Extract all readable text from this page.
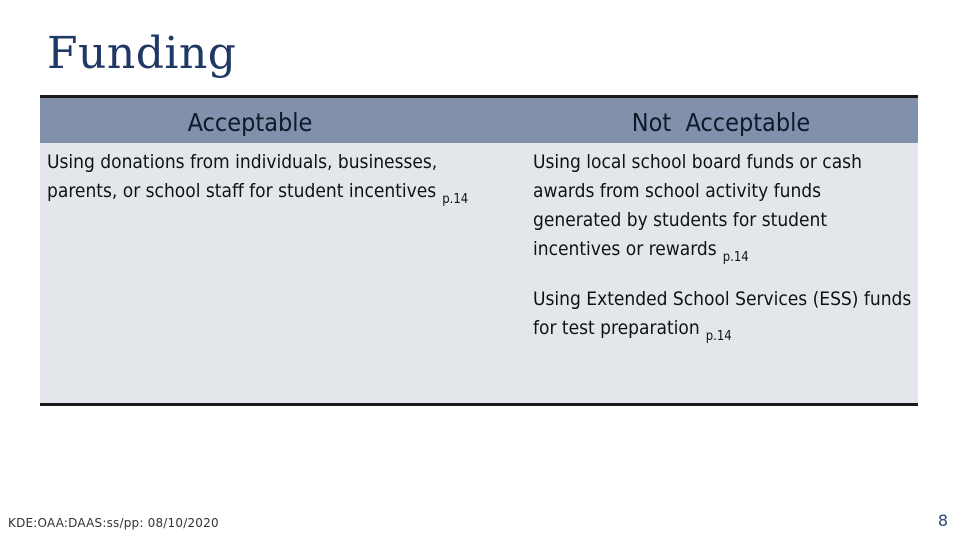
Funding
Acceptable	Not  Acceptable
Using donations from individuals, businesses, parents, or school staff for student incentives $_{p.14}$
Using local school board funds or cash awards from school activity funds generated by students for student incentives or rewards $_{p.14}$
Using Extended School Services (ESS) funds for test preparation $_{p.14}$
KDE:OAA:DAAS:ss/pp: 08/10/2020	8
